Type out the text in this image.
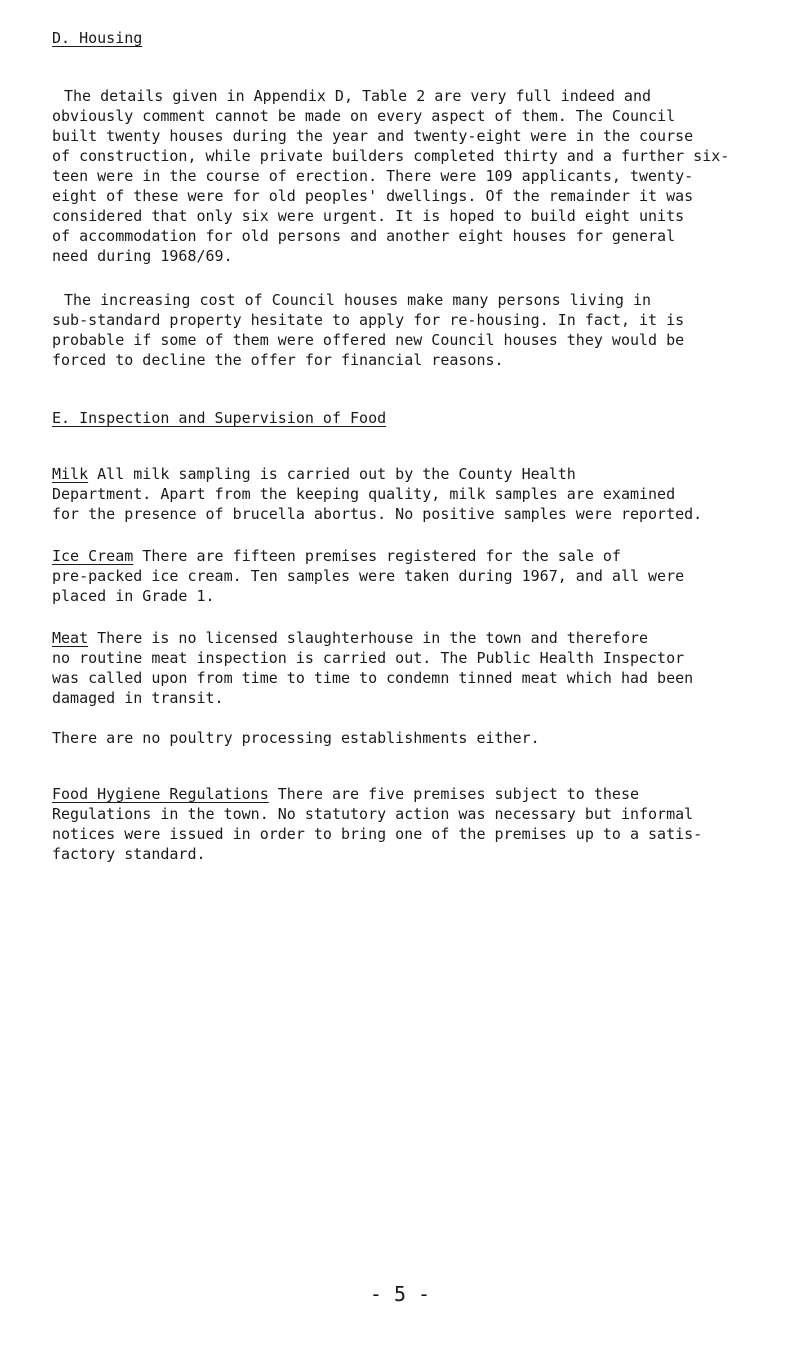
D. Housing
The details given in Appendix D, Table 2 are very full indeed and
obviously comment cannot be made on every aspect of them. The Council
built twenty houses during the year and twenty-eight were in the course
of construction, while private builders completed thirty and a further six-
teen were in the course of erection. There were 109 applicants, twenty-
eight of these were for old peoples' dwellings. Of the remainder it was
considered that only six were urgent. It is hoped to build eight units
of accommodation for old persons and another eight houses for general
need during 1968/69.
The increasing cost of Council houses make many persons living in
sub-standard property hesitate to apply for re-housing. In fact, it is
probable if some of them were offered new Council houses they would be
forced to decline the offer for financial reasons.
E. Inspection and Supervision of Food
Milk All milk sampling is carried out by the County Health
Department. Apart from the keeping quality, milk samples are examined
for the presence of brucella abortus. No positive samples were reported.
Ice Cream There are fifteen premises registered for the sale of
pre-packed ice cream. Ten samples were taken during 1967, and all were
placed in Grade 1.
Meat There is no licensed slaughterhouse in the town and therefore
no routine meat inspection is carried out. The Public Health Inspector
was called upon from time to time to condemn tinned meat which had been
damaged in transit.
There are no poultry processing establishments either.
Food Hygiene Regulations There are five premises subject to these
Regulations in the town. No statutory action was necessary but informal
notices were issued in order to bring one of the premises up to a satis-
factory standard.
- 5 -
